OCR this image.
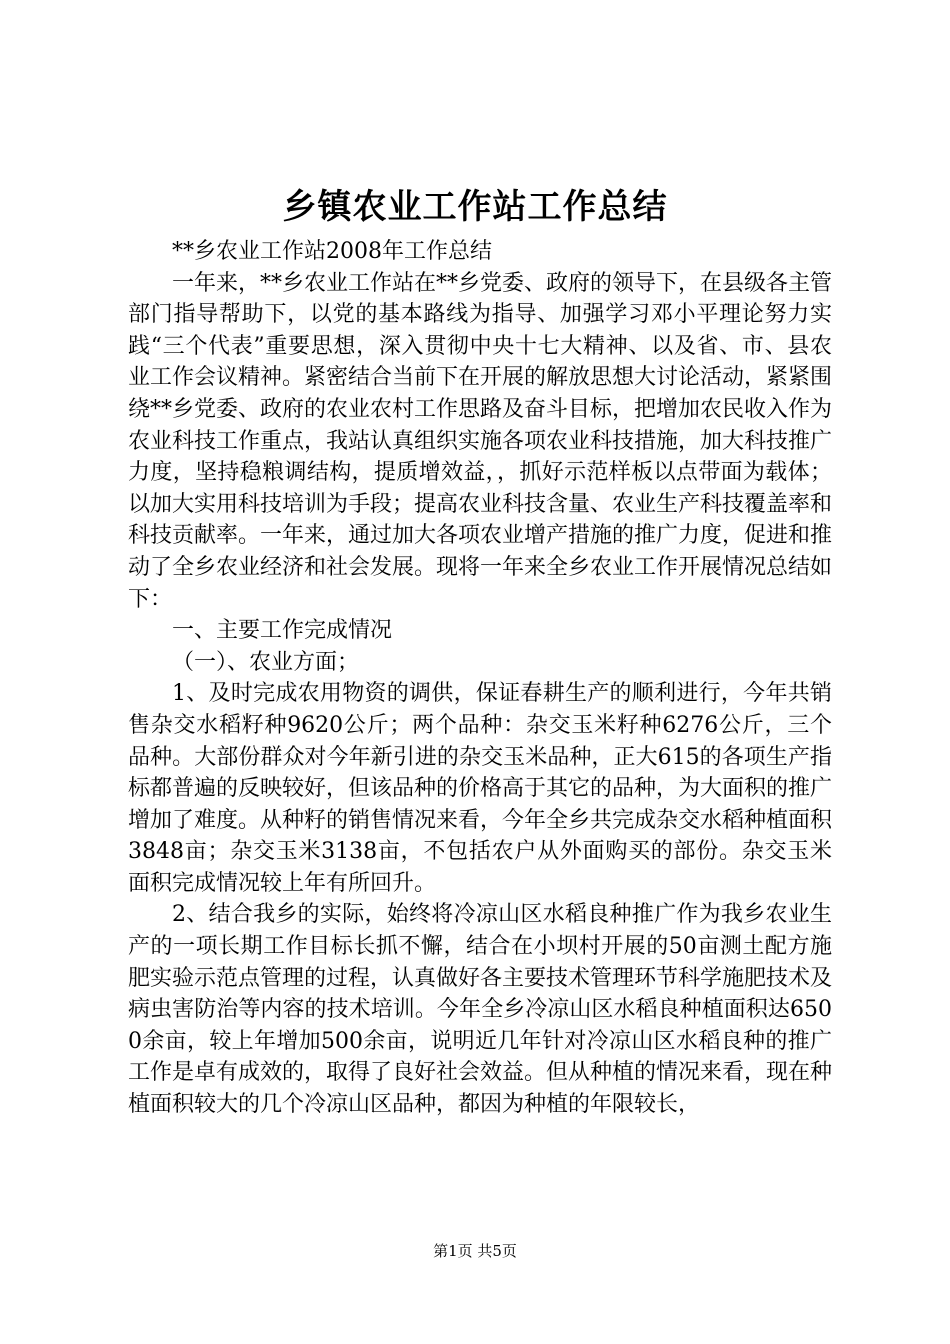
乡镇农业工作站工作总结

**乡农业工作站2008年工作总结

一年来，**乡农业工作站在**乡党委、政府的领导下，在县级各主管部门指导帮助下，以党的基本路线为指导、加强学习邓小平理论努力实践“三个代表”重要思想，深入贯彻中央十七大精神、以及省、市、县农业工作会议精神。紧密结合当前下在开展的解放思想大讨论活动，紧紧围绕**乡党委、政府的农业农村工作思路及奋斗目标，把增加农民收入作为农业科技工作重点，我站认真组织实施各项农业科技措施，加大科技推广力度，坚持稳粮调结构，提质增效益，，抓好示范样板以点带面为载体；以加大实用科技培训为手段；提高农业科技含量、农业生产科技覆盖率和科技贡献率。一年来，通过加大各项农业增产措施的推广力度，促进和推动了全乡农业经济和社会发展。现将一年来全乡农业工作开展情况总结如下：

一、主要工作完成情况

（一）、农业方面；

1、及时完成农用物资的调供，保证春耕生产的顺利进行，今年共销售杂交水稻籽种9620公斤；两个品种：杂交玉米籽种6276公斤，三个品种。大部份群众对今年新引进的杂交玉米品种，正大615的各项生产指标都普遍的反映较好，但该品种的价格高于其它的品种，为大面积的推广增加了难度。从种籽的销售情况来看，今年全乡共完成杂交水稻种植面积3848亩；杂交玉米3138亩，不包括农户从外面购买的部份。杂交玉米面积完成情况较上年有所回升。

2、结合我乡的实际，始终将冷凉山区水稻良种推广作为我乡农业生产的一项长期工作目标长抓不懈，结合在小坝村开展的50亩测土配方施肥实验示范点管理的过程，认真做好各主要技术管理环节科学施肥技术及病虫害防治等内容的技术培训。今年全乡冷凉山区水稻良种植面积达6500余亩，较上年增加500余亩，说明近几年针对冷凉山区水稻良种的推广工作是卓有成效的，取得了良好社会效益。但从种植的情况来看，现在种植面积较大的几个冷凉山区品种，都因为种植的年限较长，

第1页 共5页
